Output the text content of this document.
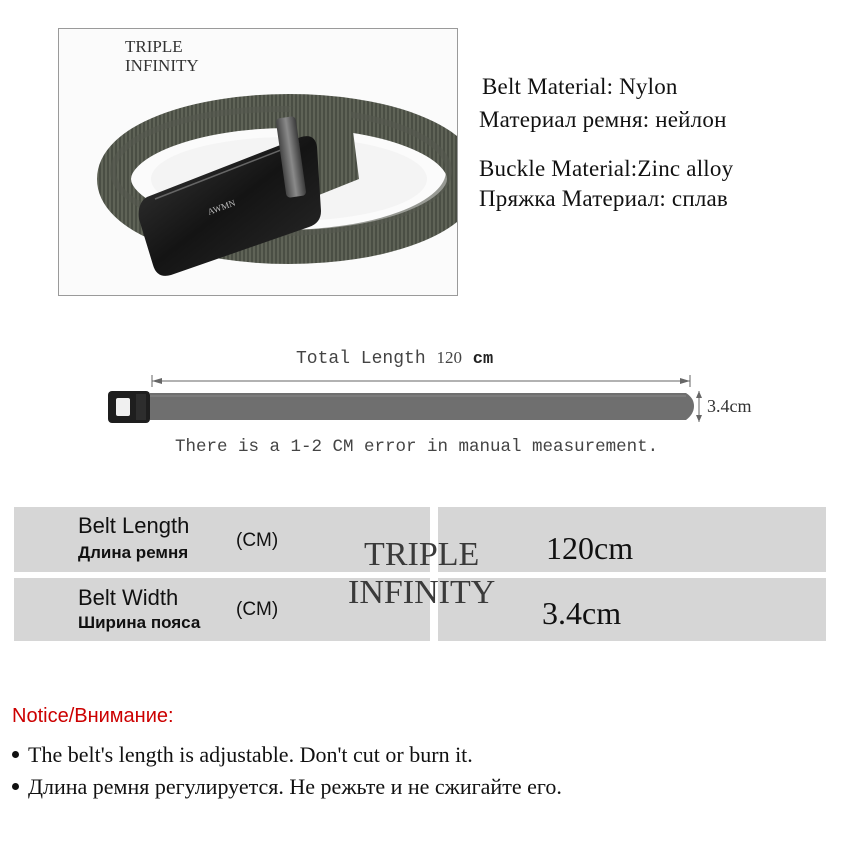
AWMN
TRIPLE
INFINITY
Belt Material: Nylon
Материал ремня: нейлон
Buckle Material:Zinc alloy
Пряжка Материал: сплав
Total Length 120 cm
3.4cm
There is a 1-2 CM error in manual measurement.
Belt Length
Длина ремня
(CM)	120cm
Belt Width
Ширина пояса
(CM)	3.4cm
TRIPLE
INFINITY
Notice/Внимание:
The belt's length is adjustable. Don't cut or burn it.
Длина ремня регулируется. Не режьте и не сжигайте его.
